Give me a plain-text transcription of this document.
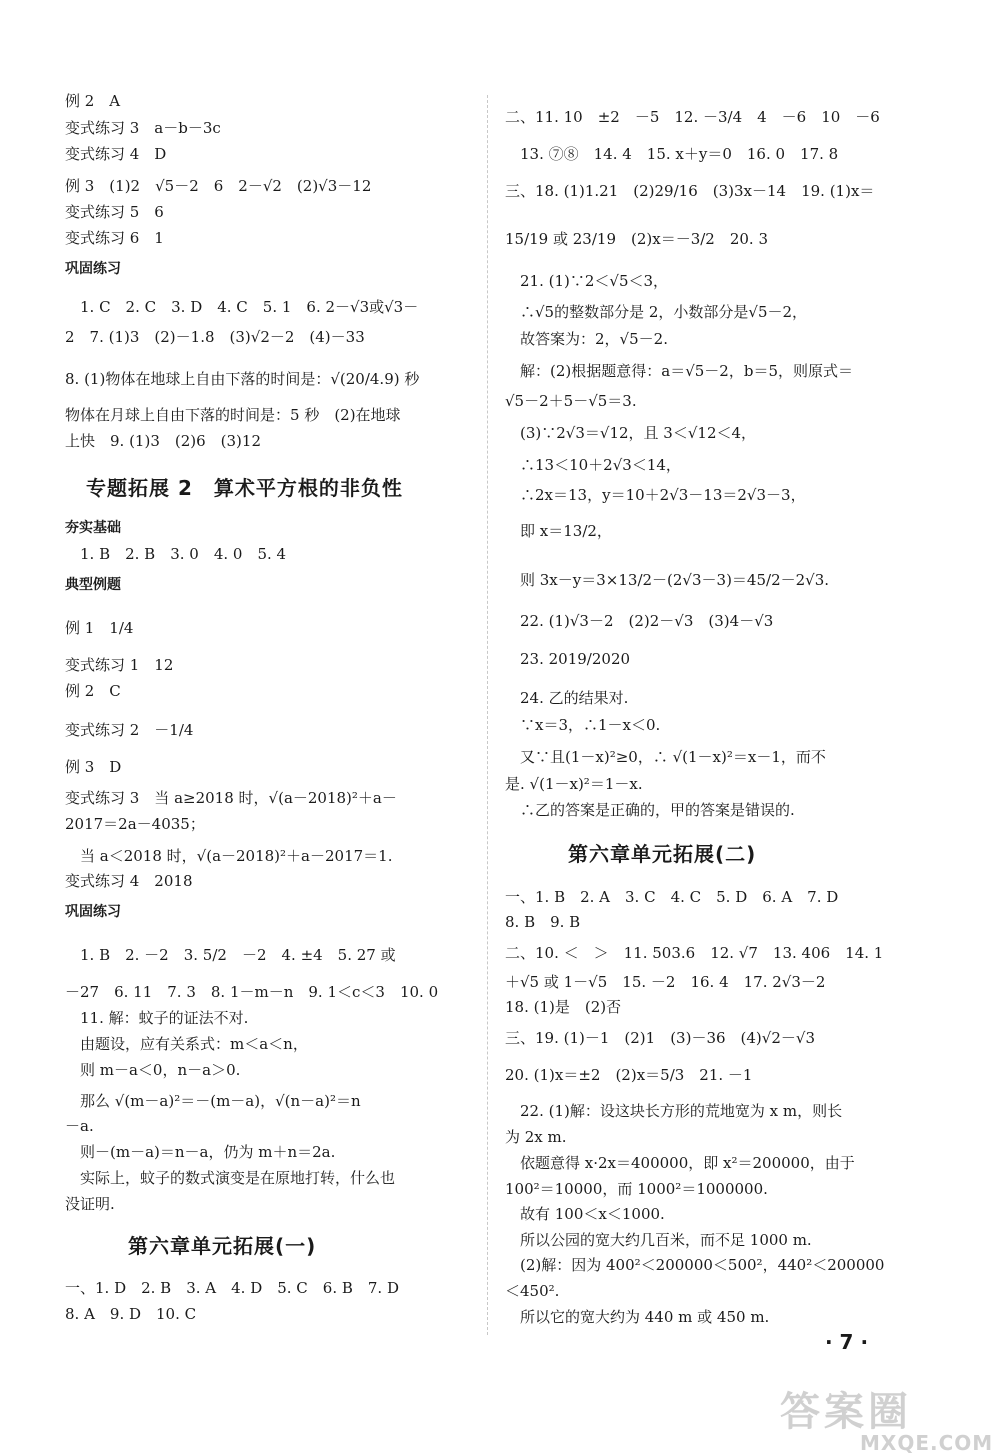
例 2　A
变式练习 3　a－b－3c
变式练习 4　D
例 3　(1)2　√5－2　6　2－√2　(2)√3－12
变式练习 5　6
变式练习 6　1
巩固练习
　1. C　2. C　3. D　4. C　5. 1　6. 2－√3或√3－
2　7. (1)3　(2)－1.8　(3)√2－2　(4)－33
8. (1)物体在地球上自由下落的时间是：√(20/4.9) 秒
物体在月球上自由下落的时间是：5 秒　(2)在地球
上快　9. (1)3　(2)6　(3)12
　专题拓展 2　算术平方根的非负性
夯实基础
　1. B　2. B　3. 0　4. 0　5. 4
典型例题
例 1　1/4
变式练习 1　12
例 2　C
变式练习 2　－1/4
例 3　D
变式练习 3　当 a≥2018 时，√(a－2018)²＋a－
2017＝2a－4035；
　当 a＜2018 时，√(a－2018)²＋a－2017＝1.
变式练习 4　2018
巩固练习
　1. B　2. －2　3. 5/2　－2　4. ±4　5. 27 或
－27　6. 11　7. 3　8. 1－m－n　9. 1＜c＜3　10. 0
　11. 解：蚊子的证法不对.
　由题设，应有关系式：m＜a＜n，
　则 m－a＜0，n－a＞0.
　那么 √(m－a)²＝－(m－a)，√(n－a)²＝n
－a.
　则－(m－a)＝n－a，仍为 m＋n＝2a.
　实际上，蚊子的数式演变是在原地打转，什么也
没证明.
　　　第六章单元拓展(一)
一、1. D　2. B　3. A　4. D　5. C　6. B　7. D
8. A　9. D　10. C
二、11. 10　±2　－5　12. －3/4　4　－6　10　－6
　13. ⑦⑧　14. 4　15. x＋y＝0　16. 0　17. 8
三、18. (1)1.21　(2)29/16　(3)3x－14　19. (1)x＝
15/19 或 23/19　(2)x＝－3/2　20. 3
　21. (1)∵2＜√5＜3，
　∴√5的整数部分是 2，小数部分是√5－2，
　故答案为：2，√5－2.
　解：(2)根据题意得：a＝√5－2，b＝5，则原式＝
√5－2＋5－√5＝3.
　(3)∵2√3＝√12，且 3＜√12＜4，
　∴13＜10＋2√3＜14，
　∴2x＝13，y＝10＋2√3－13＝2√3－3，
　即 x＝13/2，
　则 3x－y＝3×13/2－(2√3－3)＝45/2－2√3.
　22. (1)√3－2　(2)2－√3　(3)4－√3
　23. 2019/2020
　24. 乙的结果对.
　∵x＝3，∴1－x＜0.
　又∵且(1－x)²≥0，∴ √(1－x)²＝x－1，而不
是. √(1－x)²＝1－x.
　∴乙的答案是正确的，甲的答案是错误的.
　　　第六章单元拓展(二)
一、1. B　2. A　3. C　4. C　5. D　6. A　7. D
8. B　9. B
二、10. ＜　＞　11. 503.6　12. √7　13. 406　14. 1
＋√5 或 1－√5　15. －2　16. 4　17. 2√3－2
18. (1)是　(2)否
三、19. (1)－1　(2)1　(3)－36　(4)√2－√3
20. (1)x＝±2　(2)x＝5/3　21. －1
　22. (1)解：设这块长方形的荒地宽为 x m，则长
为 2x m.
　依题意得 x·2x＝400000，即 x²＝200000，由于
100²＝10000，而 1000²＝1000000.
　故有 100＜x＜1000.
　所以公园的宽大约几百米，而不足 1000 m.
　(2)解：因为 400²＜200000＜500²，440²＜200000
＜450².
　所以它的宽大约为 440 m 或 450 m.
· 7 ·
答案圈
MXQE.COM
